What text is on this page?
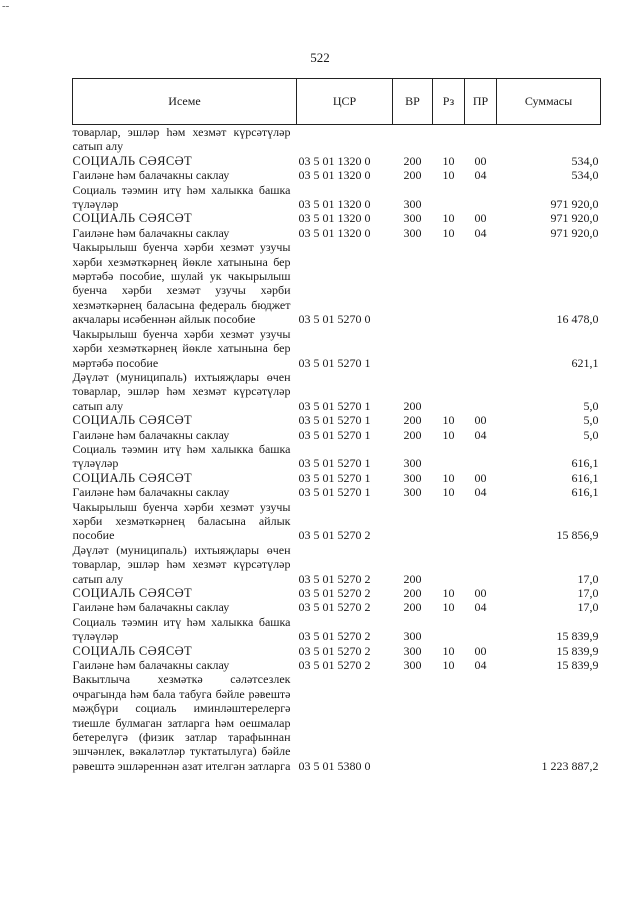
--
522
Исеме	ЦСР	ВР	Рз	ПР	Суммасы
товарлар, эшләр һәм хезмәт күрсәтүләр сатып алу					
СОЦИАЛЬ СӘЯСӘТ	03 5 01 1320 0	200	10	00	534,0
Гаиләне һәм балачакны саклау	03 5 01 1320 0	200	10	04	534,0
Социаль тәэмин итү һәм халыкка башка түләүләр	03 5 01 1320 0	300			971 920,0
СОЦИАЛЬ СӘЯСӘТ	03 5 01 1320 0	300	10	00	971 920,0
Гаиләне һәм балачакны саклау	03 5 01 1320 0	300	10	04	971 920,0
Чакырылыш буенча хәрби хезмәт узучы хәрби хезмәткәрнең йөкле хатынына бер мәртәбә пособие, шулай ук чакырылыш буенча хәрби хезмәт узучы хәрби хезмәткәрнең баласына федераль бюджет акчалары исәбеннән айлык пособие	03 5 01 5270 0				16 478,0
Чакырылыш буенча хәрби хезмәт узучы хәрби хезмәткәрнең йөкле хатынына бер мәртәбә пособие	03 5 01 5270 1				621,1
Дәүләт (муниципаль) ихтыяҗлары өчен товарлар, эшләр һәм хезмәт күрсәтүләр сатып алу	03 5 01 5270 1	200			5,0
СОЦИАЛЬ СӘЯСӘТ	03 5 01 5270 1	200	10	00	5,0
Гаиләне һәм балачакны саклау	03 5 01 5270 1	200	10	04	5,0
Социаль тәэмин итү һәм халыкка башка түләүләр	03 5 01 5270 1	300			616,1
СОЦИАЛЬ СӘЯСӘТ	03 5 01 5270 1	300	10	00	616,1
Гаиләне һәм балачакны саклау	03 5 01 5270 1	300	10	04	616,1
Чакырылыш буенча хәрби хезмәт узучы хәрби хезмәткәрнең баласына айлык пособие	03 5 01 5270 2				15 856,9
Дәүләт (муниципаль) ихтыяҗлары өчен товарлар, эшләр һәм хезмәт күрсәтүләр сатып алу	03 5 01 5270 2	200			17,0
СОЦИАЛЬ СӘЯСӘТ	03 5 01 5270 2	200	10	00	17,0
Гаиләне һәм балачакны саклау	03 5 01 5270 2	200	10	04	17,0
Социаль тәэмин итү һәм халыкка башка түләүләр	03 5 01 5270 2	300			15 839,9
СОЦИАЛЬ СӘЯСӘТ	03 5 01 5270 2	300	10	00	15 839,9
Гаиләне һәм балачакны саклау	03 5 01 5270 2	300	10	04	15 839,9
Вакытлыча хезмәткә сәләтсезлек очрагында һәм бала табуга бәйле рәвештә мәҗбүри социаль иминләштерелергә тиешле булмаган затларга һәм оешмалар бетерелүгә (физик затлар тарафыннан эшчәнлек, вәкаләтләр туктатылуга) бәйле рәвештә эшләреннән азат ителгән затларга	03 5 01 5380 0				1 223 887,2
